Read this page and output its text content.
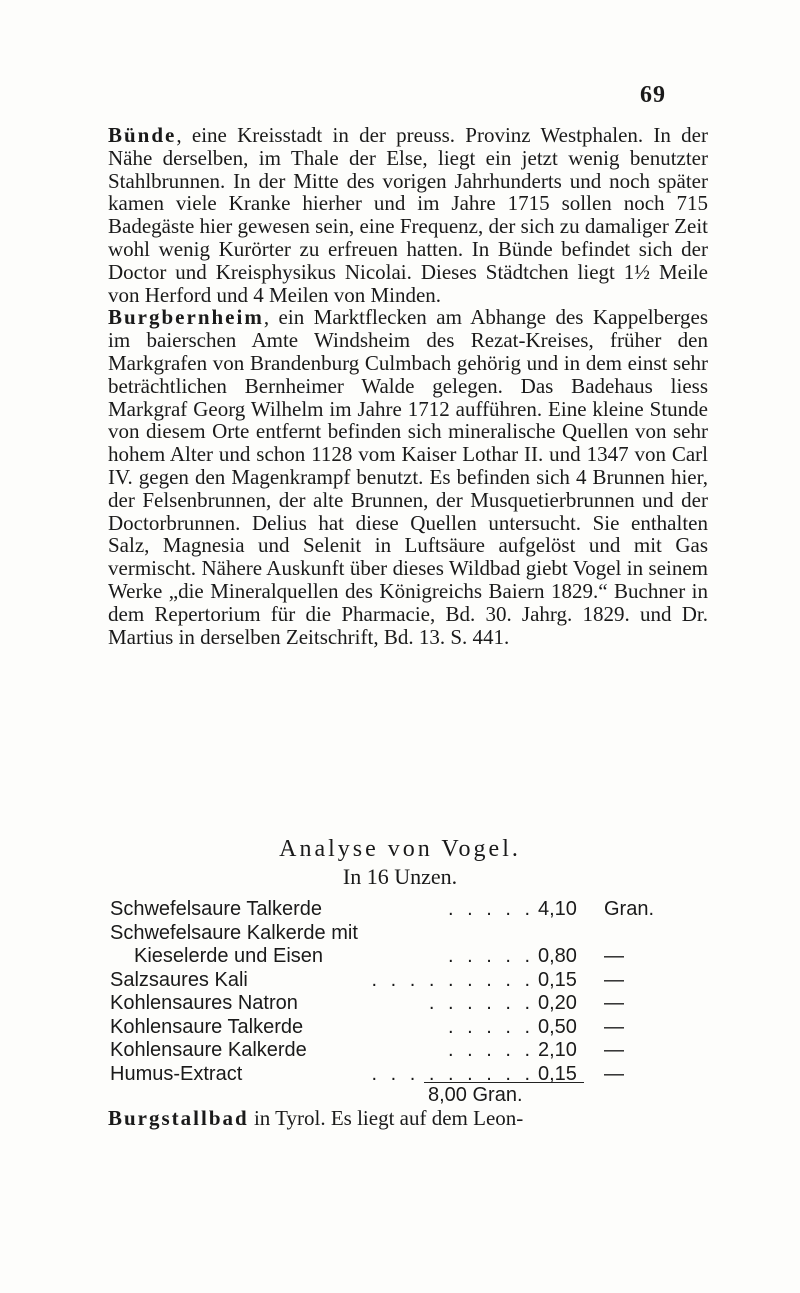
69

Bünde, eine Kreisstadt in der preuss. Provinz Westphalen. In der Nähe derselben, im Thale der Else, liegt ein jetzt wenig benutzter Stahlbrunnen. In der Mitte des vorigen Jahrhunderts und noch später kamen viele Kranke hierher und im Jahre 1715 sollen noch 715 Badegäste hier gewesen sein, eine Frequenz, der sich zu damaliger Zeit wohl wenig Kurörter zu erfreuen hatten. In Bünde befindet sich der Doctor und Kreisphysikus Nicolai. Dieses Städtchen liegt 1½ Meile von Herford und 4 Meilen von Minden.

Burgbernheim, ein Marktflecken am Abhange des Kappelberges im baierschen Amte Windsheim des Rezat-Kreises, früher den Markgrafen von Brandenburg Culmbach gehörig und in dem einst sehr beträchtlichen Bernheimer Walde gelegen. Das Badehaus liess Markgraf Georg Wilhelm im Jahre 1712 aufführen. Eine kleine Stunde von diesem Orte entfernt befinden sich mineralische Quellen von sehr hohem Alter und schon 1128 vom Kaiser Lothar II. und 1347 von Carl IV. gegen den Magenkrampf benutzt. Es befinden sich 4 Brunnen hier, der Felsenbrunnen, der alte Brunnen, der Musquetierbrunnen und der Doctorbrunnen. Delius hat diese Quellen untersucht. Sie enthalten Salz, Magnesia und Selenit in Luftsäure aufgelöst und mit Gas vermischt. Nähere Auskunft über dieses Wildbad giebt Vogel in seinem Werke „die Mineralquellen des Königreichs Baiern 1829.“ Buchner in dem Repertorium für die Pharmacie, Bd. 30. Jahrg. 1829. und Dr. Martius in derselben Zeitschrift, Bd. 13. S. 441.

Analyse von Vogel.
In 16 Unzen.
Schwefelsaure Talkerde	. . . . . 4,10	Gran.
Schwefelsaure Kalkerde mit
Kieselerde und Eisen	. . . . . 0,80	—
Salzsaures Kali	. . . . . . . . . 0,15	—
Kohlensaures Natron	. . . . . . 0,20	—
Kohlensaure Talkerde	. . . . . 0,50	—
Kohlensaure Kalkerde	. . . . . 2,10	—
Humus-Extract	. . . . . . . . . 0,15	—
8,00 Gran.
Burgstallbad in Tyrol. Es liegt auf dem Leon-
